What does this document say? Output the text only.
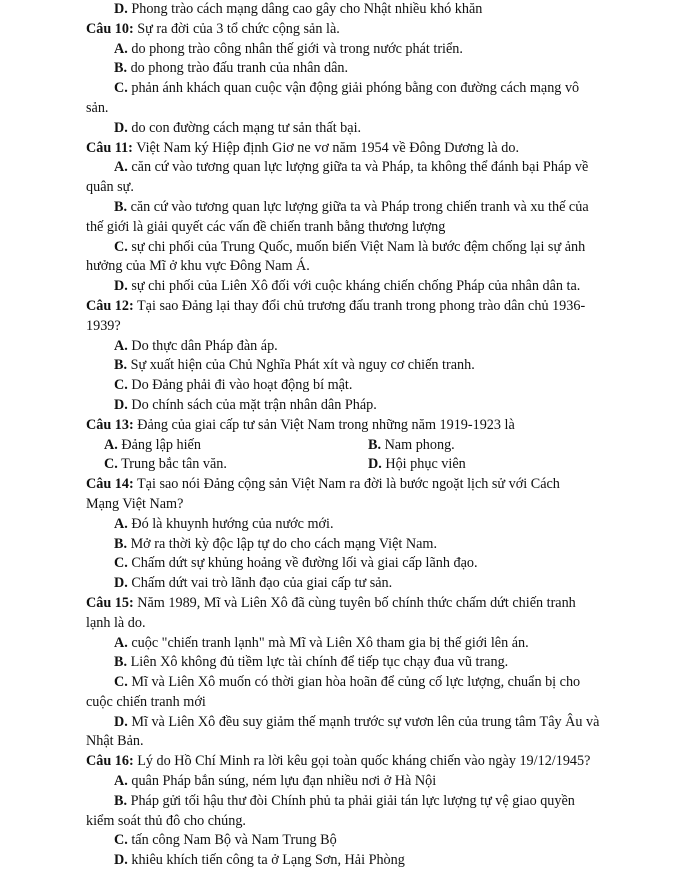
D. Phong trào cách mạng dâng cao gây cho Nhật nhiều khó khăn

Câu 10: Sự ra đời của 3 tổ chức cộng sản là.

A. do phong trào công nhân thế giới và trong nước phát triển.

B. do phong trào đấu tranh của nhân dân.

C. phản ánh khách quan cuộc vận động giải phóng bằng con đường cách mạng vô

sản.

D. do con đường cách mạng tư sản thất bại.

Câu 11: Việt Nam ký Hiệp định Giơ ne vơ năm 1954 về Đông Dương là do.

A. căn cứ vào tương quan lực lượng giữa ta và Pháp, ta không thể đánh bại Pháp về

quân sự.

B. căn cứ vào tương quan lực lượng giữa ta và Pháp trong chiến tranh và xu thế của

thế giới là giải quyết các vấn đề chiến tranh bằng thương lượng

C. sự chi phối của Trung Quốc, muốn biến Việt Nam là bước đệm chống lại sự ảnh

hưởng của Mĩ ở khu vực Đông Nam Á.

D. sự chi phối của Liên Xô đối với cuộc kháng chiến chống Pháp của nhân dân ta.

Câu 12: Tại sao Đảng lại thay đổi chủ trương đấu tranh trong phong trào dân chủ 1936-

1939?

A. Do thực dân Pháp đàn áp.

B. Sự xuất hiện của Chủ Nghĩa Phát xít và nguy cơ chiến tranh.

C. Do Đảng phải đi vào hoạt động bí mật.

D. Do chính sách của mặt trận nhân dân Pháp.

Câu 13: Đảng của giai cấp tư sản Việt Nam trong những năm 1919-1923 là

A. Đảng lập hiến	B. Nam phong.
C. Trung bắc tân văn.	D. Hội phục viên

Câu 14: Tại sao nói Đảng cộng sản Việt Nam ra đời là bước ngoặt lịch sử với Cách

Mạng Việt Nam?

A. Đó là khuynh hướng của nước mới.

B. Mở ra thời kỳ độc lập tự do cho cách mạng Việt Nam.

C. Chấm dứt sự khủng hoảng về đường lối và giai cấp lãnh đạo.

D. Chấm dứt vai trò lãnh đạo của giai cấp tư sản.

Câu 15: Năm 1989, Mĩ và Liên Xô đã cùng tuyên bố chính thức chấm dứt chiến tranh

lạnh là do.

A. cuộc "chiến tranh lạnh" mà Mĩ và Liên Xô tham gia bị thế giới lên án.

B. Liên Xô không đủ tiềm lực tài chính để tiếp tục chạy đua vũ trang.

C. Mĩ và Liên Xô muốn có thời gian hòa hoãn để củng cố lực lượng, chuẩn bị cho

cuộc chiến tranh mới

D. Mĩ và Liên Xô đều suy giảm thế mạnh trước sự vươn lên của trung tâm Tây Âu và

Nhật Bản.

Câu 16: Lý do Hồ Chí Minh ra lời kêu gọi toàn quốc kháng chiến vào ngày 19/12/1945?

A. quân Pháp bắn súng, ném lựu đạn nhiều nơi ở Hà Nội

B. Pháp gửi tối hậu thư đòi Chính phủ ta phải giải tán lực lượng tự vệ giao quyền

kiểm soát thủ đô cho chúng.

C. tấn công Nam Bộ và Nam Trung Bộ

D. khiêu khích tiến công ta ở Lạng Sơn, Hải Phòng
